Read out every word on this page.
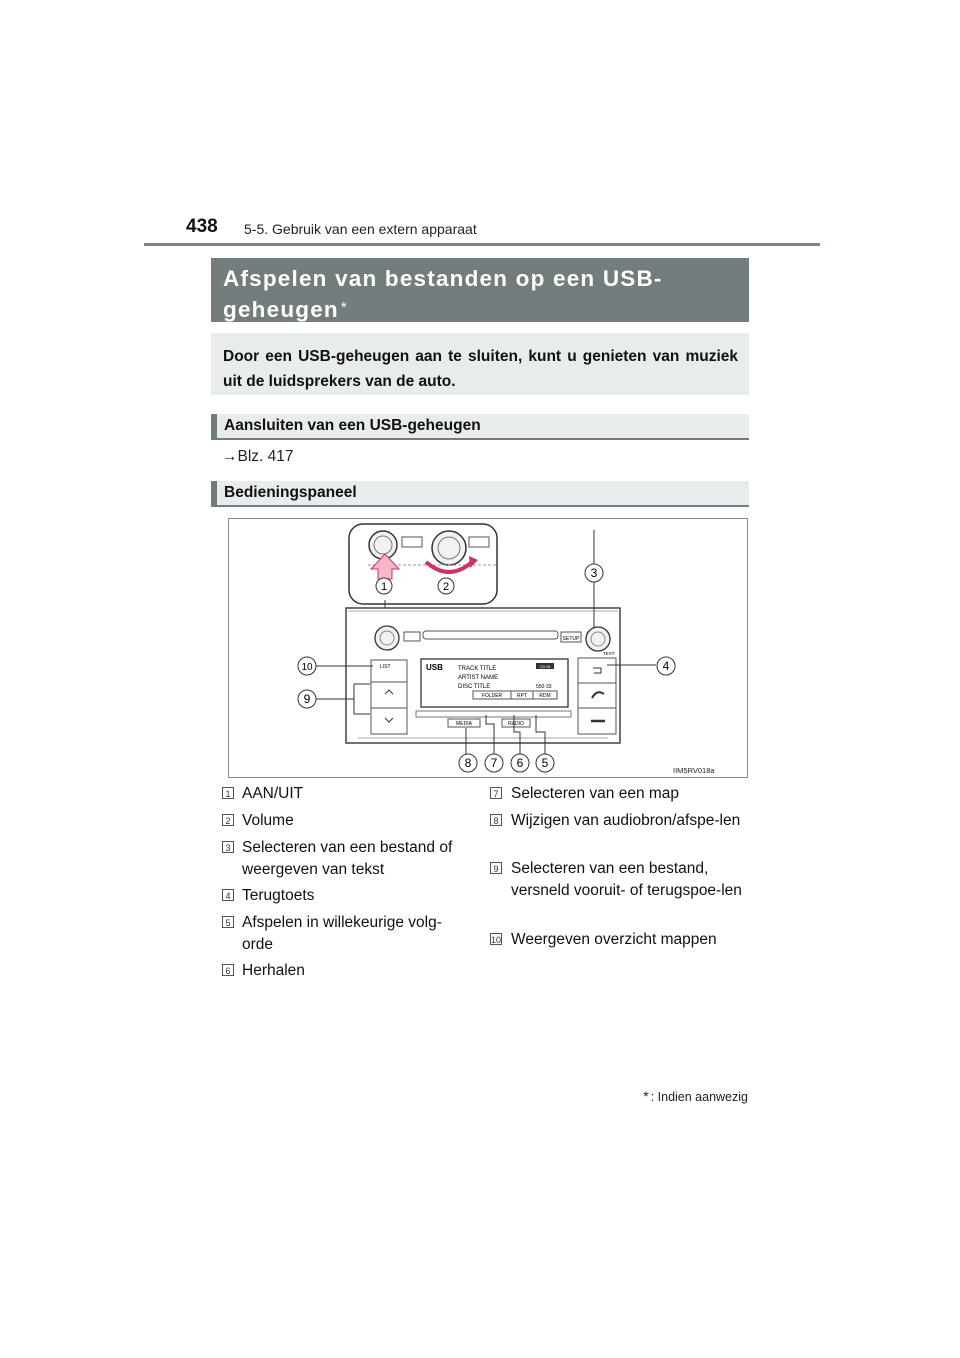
438 5-5. Gebruik van een extern apparaat
Afspelen van bestanden op een USB-
geheugen *
Door een USB-geheugen aan te sluiten, kunt u genieten van muziek uit de luidsprekers van de auto.
Aansluiten van een USB-geheugen
→Blz. 417
Bedieningspaneel
1	2
SETUP
TEXT
LIST	USB	TRACK TITLE
ARTIST NAME
DISC TITLE
CD IN
550-33
FOLDER	RPT RDM
MEDIA	RADIO
3
4
10
9
8 7 6 5
IIM5RV018a
1 AAN/UIT
2 Volume
3 Selecteren van een bestand of weergeven van tekst
4 Terugtoets
5 Afspelen in willekeurige volg-orde
6 Herhalen
7 Selecteren van een map
8 Wijzigen van audiobron/afspe-len
9 Selecteren van een bestand, versneld vooruit- of terugspoe-len
10 Weergeven overzicht mappen
* : Indien aanwezig
